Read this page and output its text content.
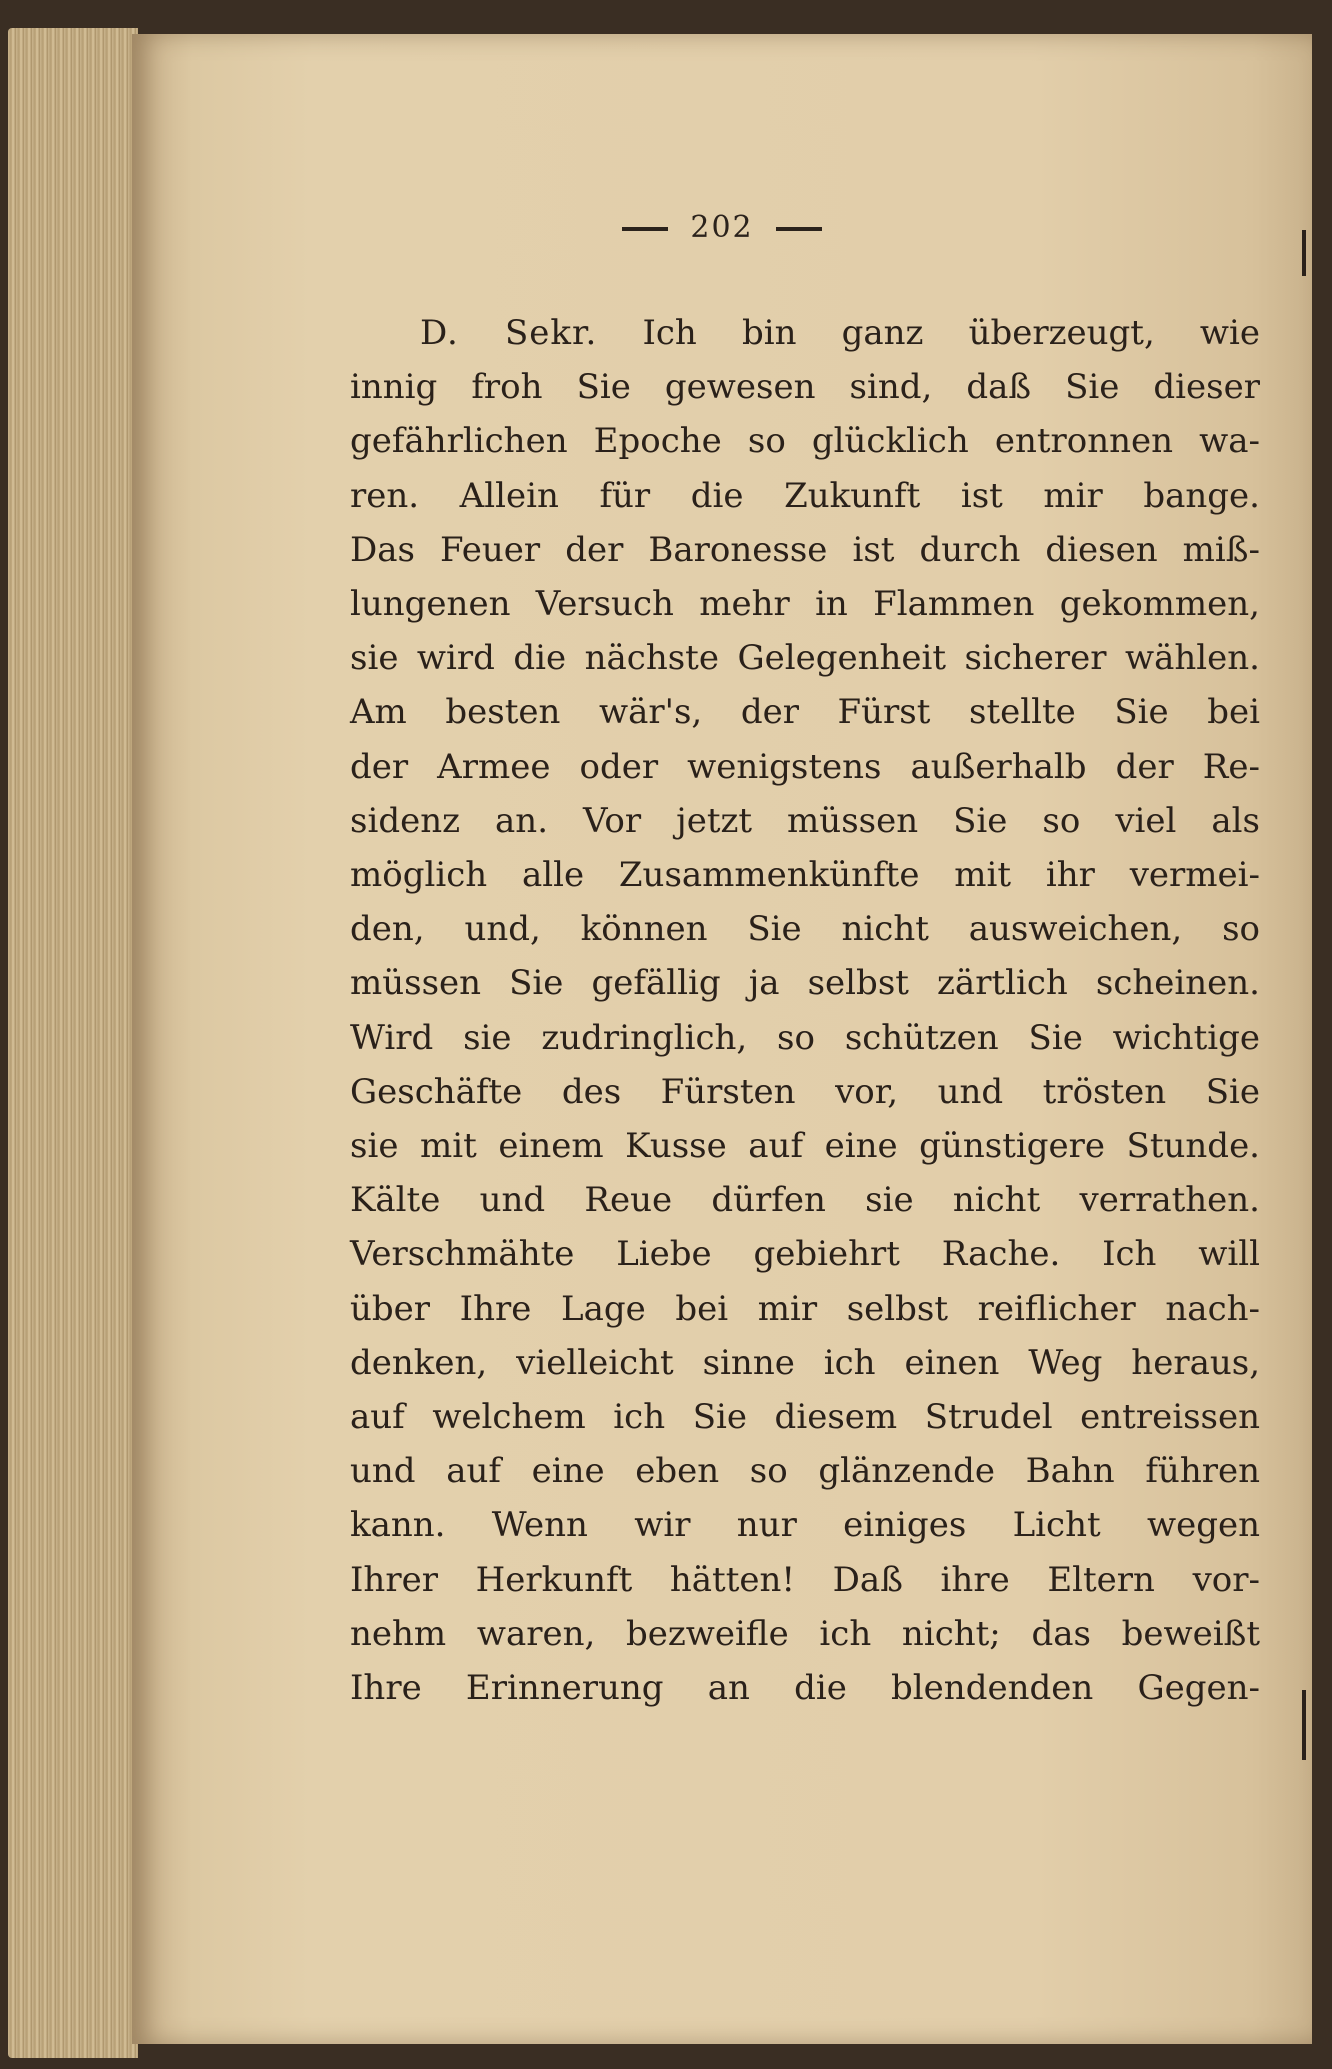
202
D. Sekr. Ich bin ganz überzeugt, wie
innig froh Sie gewesen sind, daß Sie dieser
gefährlichen Epoche so glücklich entronnen wa-
ren. Allein für die Zukunft ist mir bange.
Das Feuer der Baronesse ist durch diesen miß-
lungenen Versuch mehr in Flammen gekommen,
sie wird die nächste Gelegenheit sicherer wählen.
Am besten wär's, der Fürst stellte Sie bei
der Armee oder wenigstens außerhalb der Re-
sidenz an. Vor jetzt müssen Sie so viel als
möglich alle Zusammenkünfte mit ihr vermei-
den, und, können Sie nicht ausweichen, so
müssen Sie gefällig ja selbst zärtlich scheinen.
Wird sie zudringlich, so schützen Sie wichtige
Geschäfte des Fürsten vor, und trösten Sie
sie mit einem Kusse auf eine günstigere Stunde.
Kälte und Reue dürfen sie nicht verrathen.
Verschmähte Liebe gebiehrt Rache. Ich will
über Ihre Lage bei mir selbst reiflicher nach-
denken, vielleicht sinne ich einen Weg heraus,
auf welchem ich Sie diesem Strudel entreissen
und auf eine eben so glänzende Bahn führen
kann. Wenn wir nur einiges Licht wegen
Ihrer Herkunft hätten! Daß ihre Eltern vor-
nehm waren, bezweifle ich nicht; das beweißt
Ihre Erinnerung an die blendenden Gegen-
